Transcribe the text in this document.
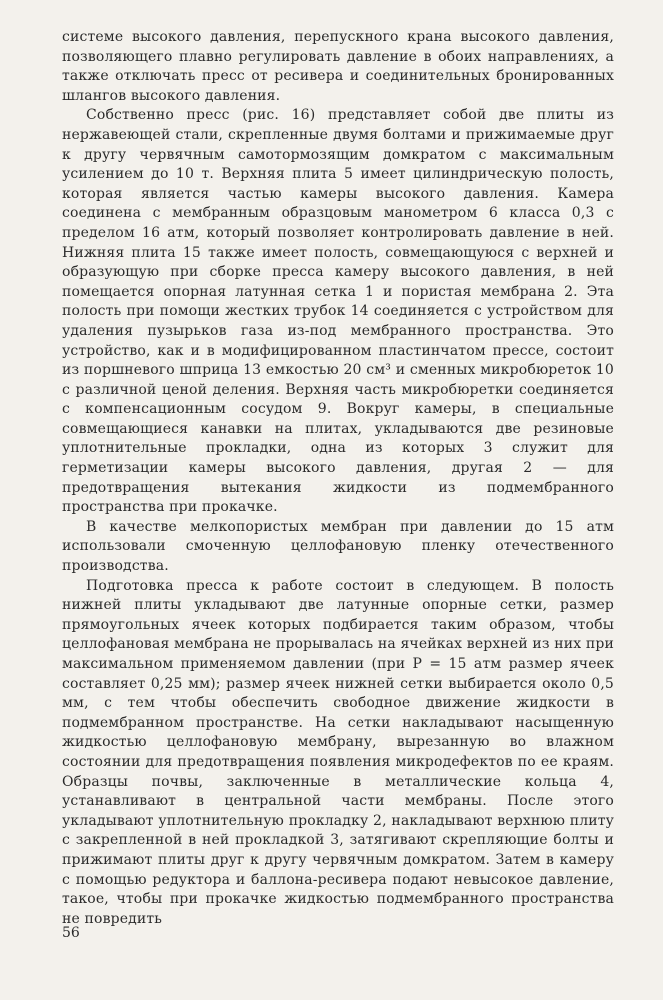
системе высокого давления, перепускного крана высокого давления, позволяющего плавно регулировать давление в обоих направлениях, а также отключать пресс от ресивера и соединительных бронированных шлангов высокого давления.

Собственно пресс (рис. 16) представляет собой две плиты из нержавеющей стали, скрепленные двумя болтами и прижимаемые друг к другу червячным самотормозящим домкратом с максимальным усилением до 10 т. Верхняя плита 5 имеет цилиндрическую полость, которая является частью камеры высокого давления. Камера соединена с мембранным образцовым манометром 6 класса 0,3 с пределом 16 атм, который позволяет контролировать давление в ней. Нижняя плита 15 также имеет полость, совмещающуюся с верхней и образующую при сборке пресса камеру высокого давления, в ней помещается опорная латунная сетка 1 и пористая мембрана 2. Эта полость при помощи жестких трубок 14 соединяется с устройством для удаления пузырьков газа из-под мембранного пространства. Это устройство, как и в модифицированном пластинчатом прессе, состоит из поршневого шприца 13 емкостью 20 см³ и сменных микробюреток 10 с различной ценой деления. Верхняя часть микробюретки соединяется с компенсационным сосудом 9. Вокруг камеры, в специальные совмещающиеся канавки на плитах, укладываются две резиновые уплотнительные прокладки, одна из которых 3 служит для герметизации камеры высокого давления, другая 2 — для предотвращения вытекания жидкости из подмембранного пространства при прокачке.

В качестве мелкопористых мембран при давлении до 15 атм использовали смоченную целлофановую пленку отечественного производства.

Подготовка пресса к работе состоит в следующем. В полость нижней плиты укладывают две латунные опорные сетки, размер прямоугольных ячеек которых подбирается таким образом, чтобы целлофановая мембрана не прорывалась на ячейках верхней из них при максимальном применяемом давлении (при P = 15 атм размер ячеек составляет 0,25 мм); размер ячеек нижней сетки выбирается около 0,5 мм, с тем чтобы обеспечить свободное движение жидкости в подмембранном пространстве. На сетки накладывают насыщенную жидкостью целлофановую мембрану, вырезанную во влажном состоянии для предотвращения появления микродефектов по ее краям. Образцы почвы, заключенные в металлические кольца 4, устанавливают в центральной части мембраны. После этого укладывают уплотнительную прокладку 2, накладывают верхнюю плиту с закрепленной в ней прокладкой 3, затягивают скрепляющие болты и прижимают плиты друг к другу червячным домкратом. Затем в камеру с помощью редуктора и баллона-ресивера подают невысокое давление, такое, чтобы при прокачке жидкостью подмембранного пространства не повредить

56
